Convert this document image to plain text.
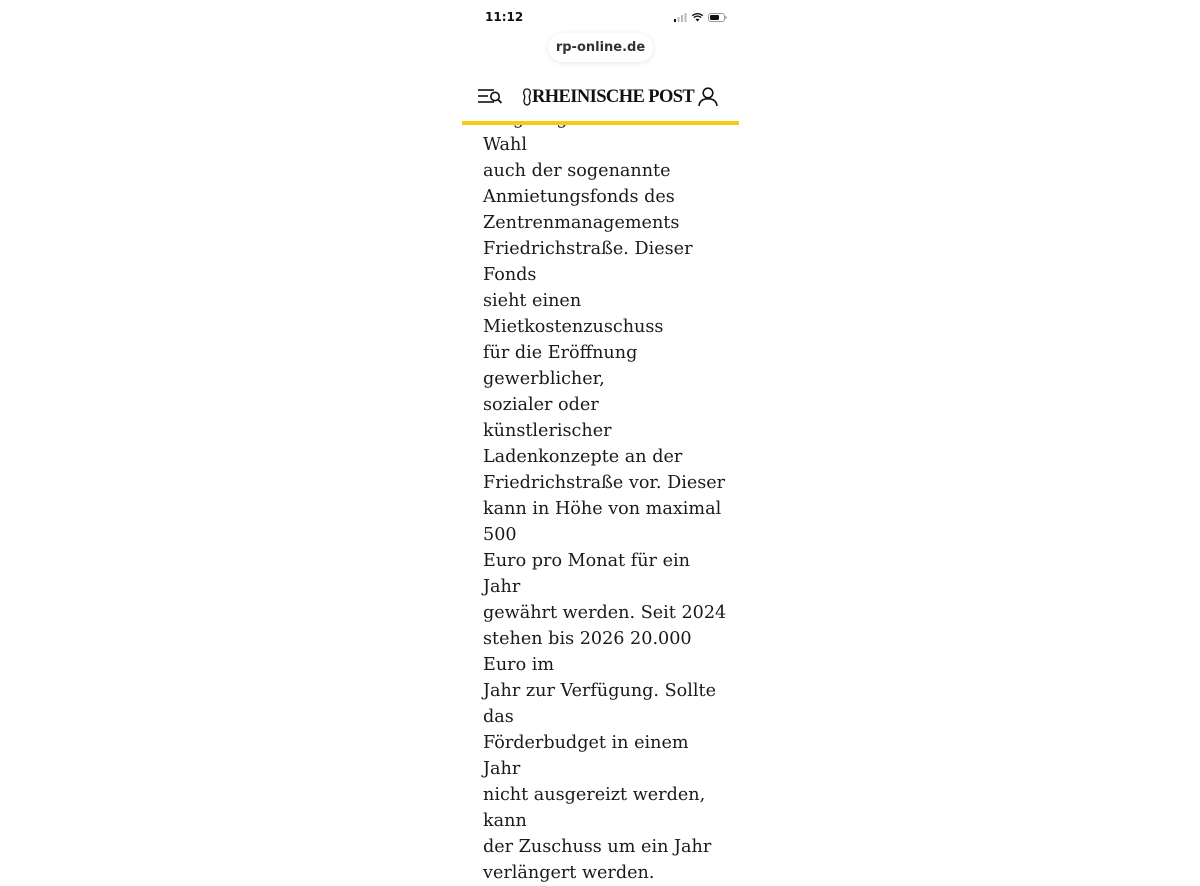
11:12
rp-online.de

Wahl

auch der sogenannte
Anmietungsfonds des
Zentrenmanagements
Friedrichstraße. Dieser Fonds
sieht einen Mietkostenzuschuss
für die Eröffnung gewerblicher,
sozialer oder künstlerischer
Ladenkonzepte an der
Friedrichstraße vor. Dieser
kann in Höhe von maximal 500
Euro pro Monat für ein Jahr
gewährt werden. Seit 2024
stehen bis 2026 20.000 Euro im
Jahr zur Verfügung. Sollte das
Förderbudget in einem Jahr
nicht ausgereizt werden, kann
der Zuschuss um ein Jahr
verlängert werden.

RHEINISCHE POST
